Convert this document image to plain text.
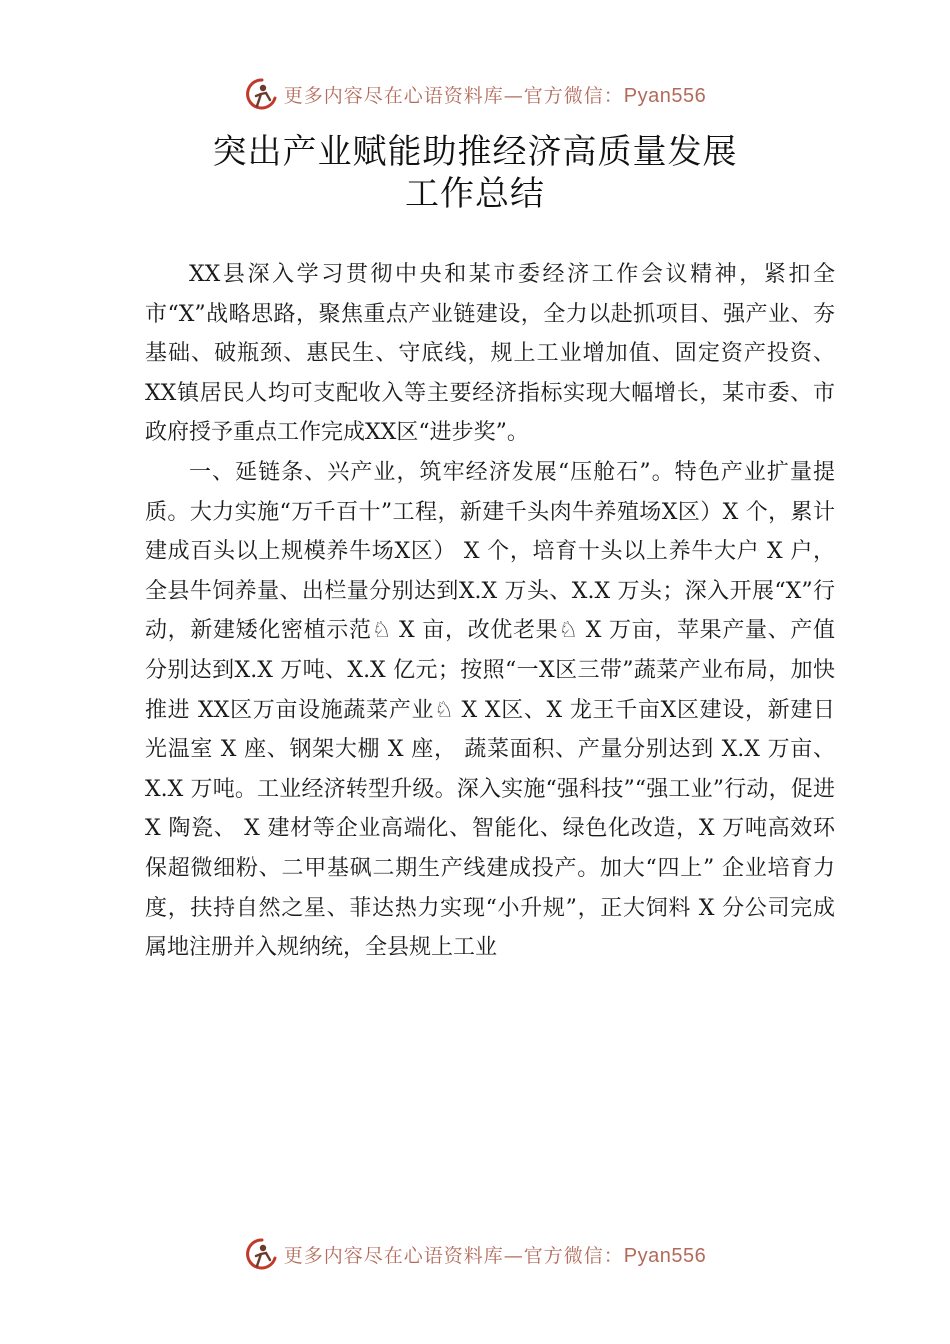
更多内容尽在心语资料库—官方微信：Pyan556
突出产业赋能助推经济高质量发展
工作总结

XX县深入学习贯彻中央和某市委经济工作会议精神，紧扣全市“X”战略思路，聚焦重点产业链建设，全力以赴抓项目、强产业、夯基础、破瓶颈、惠民生、守底线，规上工业增加值、固定资产投资、XX镇居民人均可支配收入等主要经济指标实现大幅增长，某市委、市政府授予重点工作完成XX区“进步奖”。

一、延链条、兴产业，筑牢经济发展“压舱石”。特色产业扩量提质。大力实施“万千百十”工程，新建千头肉牛养殖场X区）X 个，累计建成百头以上规模养牛场X区） X 个，培育十头以上养牛大户 X 户，全县牛饲养量、出栏量分别达到X.X 万头、X.X 万头；深入开展“X”行动，新建矮化密植示范♘ X 亩，改优老果♘ X 万亩，苹果产量、产值分别达到X.X 万吨、X.X 亿元；按照“一X区三带”蔬菜产业布局，加快推进 XX区万亩设施蔬菜产业♘ X X区、X 龙王千亩X区建设，新建日光温室 X 座、钢架大棚 X 座， 蔬菜面积、产量分别达到 X.X 万亩、X.X 万吨。工业经济转型升级。深入实施“强科技”“强工业”行动，促进 X 陶瓷、 X 建材等企业高端化、智能化、绿色化改造，X 万吨高效环保超微细粉、二甲基砜二期生产线建成投产。加大“四上” 企业培育力度，扶持自然之星、菲达热力实现“小升规”，正大饲料 X 分公司完成属地注册并入规纳统，全县规上工业

更多内容尽在心语资料库—官方微信：Pyan556
